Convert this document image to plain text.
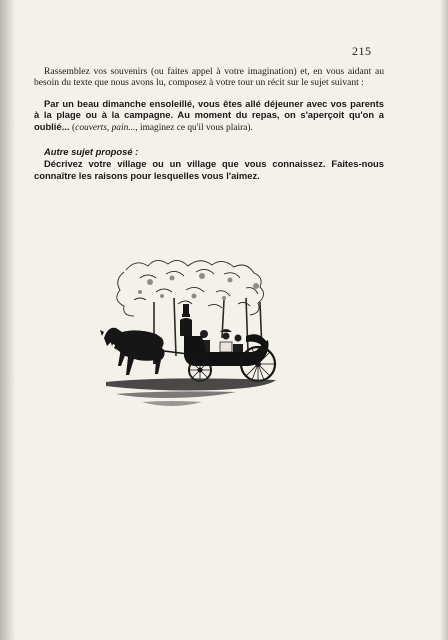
215

Rassemblez vos souvenirs (ou faites appel à votre imagination) et, en vous aidant au besoin du texte que nous avons lu, composez à votre tour un récit sur le sujet suivant :

Par un beau dimanche ensoleillé, vous êtes allé déjeuner avec vos parents à la plage ou à la campagne. Au moment du repas, on s'aperçoit qu'on a oublié... (couverts, pain..., imaginez ce qu'il vous plaira).

Autre sujet proposé :

Décrivez votre village ou un village que vous connaissez. Faites-nous connaître les raisons pour lesquelles vous l'aimez.
